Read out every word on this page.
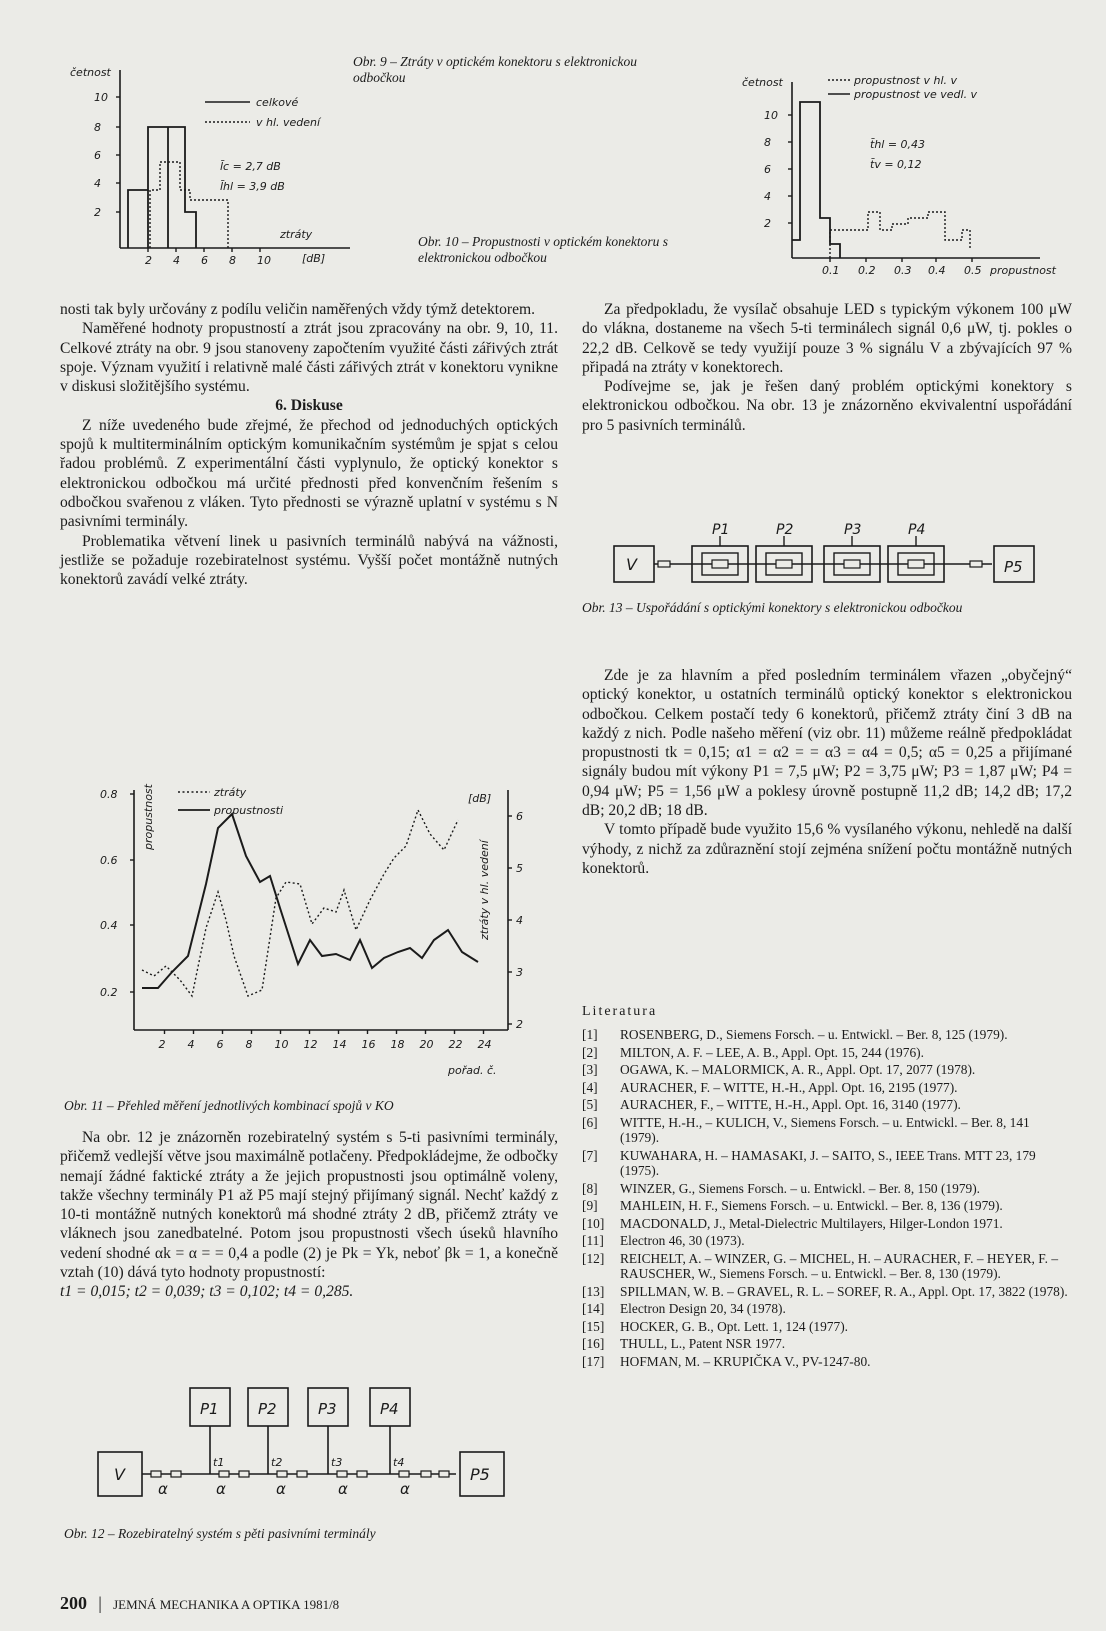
10
8
6
4
2
2 4 6 8 10
četnost
celkové
v hl. vedení
l̄c = 2,7 dB
l̄hl = 3,9 dB
ztráty
[dB]
Obr. 9 – Ztráty v optickém konektoru s elektronickou odbočkou
10
8
6
4
2
0.1 0.2 0.3 0.4 0.5
četnost	propustnost v hl. v
propustnost ve vedl. v
t̄hl = 0,43
t̄v = 0,12
propustnost
Obr. 10 – Propustnosti v optickém konektoru s elektronickou odbočkou

nosti tak byly určovány z podílu veličin naměřených vždy týmž detektorem.

Naměřené hodnoty propustností a ztrát jsou zpracovány na obr. 9, 10, 11. Celkové ztráty na obr. 9 jsou stanoveny započtením využité části zářivých ztrát spoje. Význam využití i relativně malé části zářivých ztrát v konektoru vynikne v diskusi složitějšího systému.

6. Diskuse

Z níže uvedeného bude zřejmé, že přechod od jednoduchých optických spojů k multiterminálním optickým komunikačním systémům je spjat s celou řadou problémů. Z experimentální části vyplynulo, že optický konektor s elektronickou odbočkou má určité přednosti před konvenčním řešením s odbočkou svařenou z vláken. Tyto přednosti se výrazně uplatní v systému s N pasivními terminály.

Problematika větvení linek u pasivních terminálů nabývá na vážnosti, jestliže se požaduje rozebiratelnost systému. Vyšší počet montážně nutných konektorů zavádí velké ztráty.

0.8
0.6
0.4
0.2
6
5
4
3
2
2 4 6 8 10 12 14 16 18 20 22 24
ztráty
propustnosti
propustnost
ztráty v hl. vedení
[dB]
pořad. č.
Obr. 11 – Přehled měření jednotlivých kombinací spojů v KO

Na obr. 12 je znázorněn rozebiratelný systém s 5-ti pasivními terminály, přičemž vedlejší větve jsou maximálně potlačeny. Předpokládejme, že odbočky nemají žádné faktické ztráty a že jejich propustnosti jsou optimálně voleny, takže všechny terminály P1 až P5 mají stejný přijímaný signál. Nechť každý z 10-ti montážně nutných konektorů má shodné ztráty 2 dB, přičemž ztráty ve vláknech jsou zanedbatelné. Potom jsou propustnosti všech úseků hlavního vedení shodné αk = α = = 0,4 a podle (2) je Pk = Yk, neboť βk = 1, a konečně vztah (10) dává tyto hodnoty propustností:

t1 = 0,015; t2 = 0,039; t3 = 0,102; t4 = 0,285.

V	P5
P1
t1
α
P2
t2
α
P3
t3
α
P4
t4
α	α
Obr. 12 – Rozebiratelný systém s pěti pasivními terminály

Za předpokladu, že vysílač obsahuje LED s typickým výkonem 100 μW do vlákna, dostaneme na všech 5-ti terminálech signál 0,6 μW, tj. pokles o 22,2 dB. Celkově se tedy využijí pouze 3 % signálu V a zbývajících 97 % připadá na ztráty v konektorech.

Podívejme se, jak je řešen daný problém optickými konektory s elektronickou odbočkou. Na obr. 13 je znázorněno ekvivalentní uspořádání pro 5 pasivních terminálů.

V	P5
P1	P2	P3	P4
Obr. 13 – Uspořádání s optickými konektory s elektronickou odbočkou

Zde je za hlavním a před posledním terminálem vřazen „obyčejný“ optický konektor, u ostatních terminálů optický konektor s elektronickou odbočkou. Celkem postačí tedy 6 konektorů, přičemž ztráty činí 3 dB na každý z nich. Podle našeho měření (viz obr. 11) můžeme reálně předpokládat propustnosti tk = 0,15; α1 = α2 = = α3 = α4 = 0,5; α5 = 0,25 a přijímané signály budou mít výkony P1 = 7,5 μW; P2 = 3,75 μW; P3 = 1,87 μW; P4 = 0,94 μW; P5 = 1,56 μW a poklesy úrovně postupně 11,2 dB; 14,2 dB; 17,2 dB; 20,2 dB; 18 dB.

V tomto případě bude využito 15,6 % vysílaného výkonu, nehledě na další výhody, z nichž za zdůraznění stojí zejména snížení počtu montážně nutných konektorů.

Literatura
[1]	ROSENBERG, D., Siemens Forsch. – u. Entwickl. – Ber. 8, 125 (1979).
[2]	MILTON, A. F. – LEE, A. B., Appl. Opt. 15, 244 (1976).
[3]	OGAWA, K. – MALORMICK, A. R., Appl. Opt. 17, 2077 (1978).
[4]	AURACHER, F. – WITTE, H.-H., Appl. Opt. 16, 2195 (1977).
[5]	AURACHER, F., – WITTE, H.-H., Appl. Opt. 16, 3140 (1977).
[6]	WITTE, H.-H., – KULICH, V., Siemens Forsch. – u. Entwickl. – Ber. 8, 141 (1979).
[7]	KUWAHARA, H. – HAMASAKI, J. – SAITO, S., IEEE Trans. MTT 23, 179 (1975).
[8]	WINZER, G., Siemens Forsch. – u. Entwickl. – Ber. 8, 150 (1979).
[9]	MAHLEIN, H. F., Siemens Forsch. – u. Entwickl. – Ber. 8, 136 (1979).
[10]	MACDONALD, J., Metal-Dielectric Multilayers, Hilger-London 1971.
[11]	Electron 46, 30 (1973).
[12]	REICHELT, A. – WINZER, G. – MICHEL, H. – AURACHER, F. – HEYER, F. – RAUSCHER, W., Siemens Forsch. – u. Entwickl. – Ber. 8, 130 (1979).
[13]	SPILLMAN, W. B. – GRAVEL, R. L. – SOREF, R. A., Appl. Opt. 17, 3822 (1978).
[14]	Electron Design 20, 34 (1978).
[15]	HOCKER, G. B., Opt. Lett. 1, 124 (1977).
[16]	THULL, L., Patent NSR 1977.
[17]	HOFMAN, M. – KRUPIČKA V., PV-1247-80.
200 | JEMNÁ MECHANIKA A OPTIKA 1981/8
